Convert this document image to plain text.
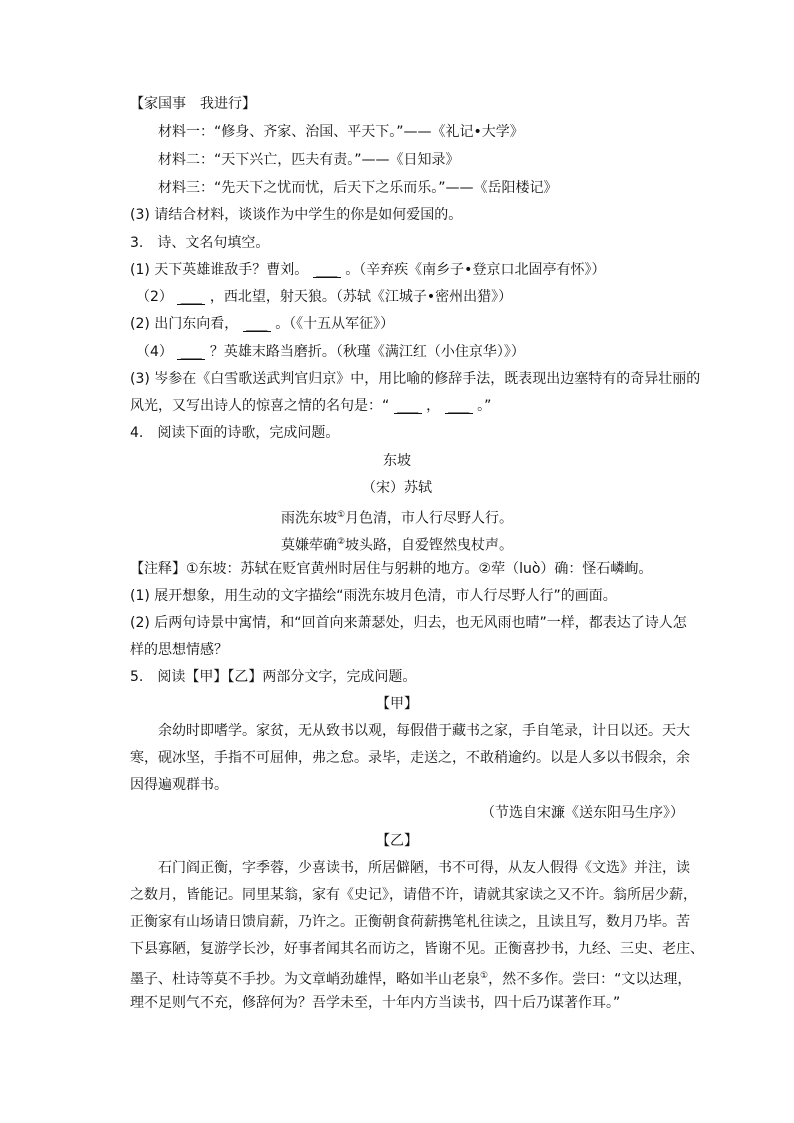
【家国事　我进行】
材料一：“修身、齐家、治国、平天下。”——《礼记•大学》
材料二：“天下兴亡，匹夫有责。”——《日知录》
材料三：“先天下之忧而忧，后天下之乐而乐。”——《岳阳楼记》
(3) 请结合材料，谈谈作为中学生的你是如何爱国的。
3.　诗、文名句填空。
(1) 天下英雄谁敌手？曹刘。 ___ 。（辛弃疾《南乡子•登京口北固亭有怀》）
（2） ___ ，西北望，射天狼。（苏轼《江城子•密州出猎》）
(2) 出门东向看， ___ 。（《十五从军征》）
（4） ___ ？英雄末路当磨折。（秋瑾《满江红（小住京华）》）
(3) 岑参在《白雪歌送武判官归京》中，用比喻的修辞手法，既表现出边塞特有的奇异壮丽的
风光，又写出诗人的惊喜之情的名句是：“ ___ ， ___ 。”
4.　阅读下面的诗歌，完成问题。
东坡
（宋）苏轼
雨洗东坡①月色清，市人行尽野人行。
莫嫌荦确②坡头路，自爱铿然曳杖声。
【注释】①东坡：苏轼在贬官黄州时居住与躬耕的地方。②荦（luò）确：怪石嶙峋。
(1) 展开想象，用生动的文字描绘“雨洗东坡月色清，市人行尽野人行”的画面。
(2) 后两句诗景中寓情，和“回首向来萧瑟处，归去，也无风雨也晴”一样，都表达了诗人怎
样的思想情感？
5.　阅读【甲】【乙】两部分文字，完成问题。
【甲】
余幼时即嗜学。家贫，无从致书以观，每假借于藏书之家，手自笔录，计日以还。天大
寒，砚冰坚，手指不可屈伸，弗之怠。录毕，走送之，不敢稍逾约。以是人多以书假余，余
因得遍观群书。
（节选自宋濂《送东阳马生序》）
【乙】
石门阎正衡，字季蓉，少喜读书，所居僻陋，书不可得，从友人假得《文选》并注，读
之数月，皆能记。同里某翁，家有《史记》，请借不许，请就其家读之又不许。翁所居少薪，
正衡家有山场请日馈肩薪，乃许之。正衡朝食荷薪携笔札往读之，且读且写，数月乃毕。苦
下县寡陋，复游学长沙，好事者闻其名而访之，皆谢不见。正衡喜抄书，九经、三史、老庄、
墨子、杜诗等莫不手抄。为文章峭劲雄悍，略如半山老泉①，然不多作。尝曰：“文以达理，
理不足则气不充，修辞何为？吾学未至，十年内方当读书，四十后乃谋著作耳。”
